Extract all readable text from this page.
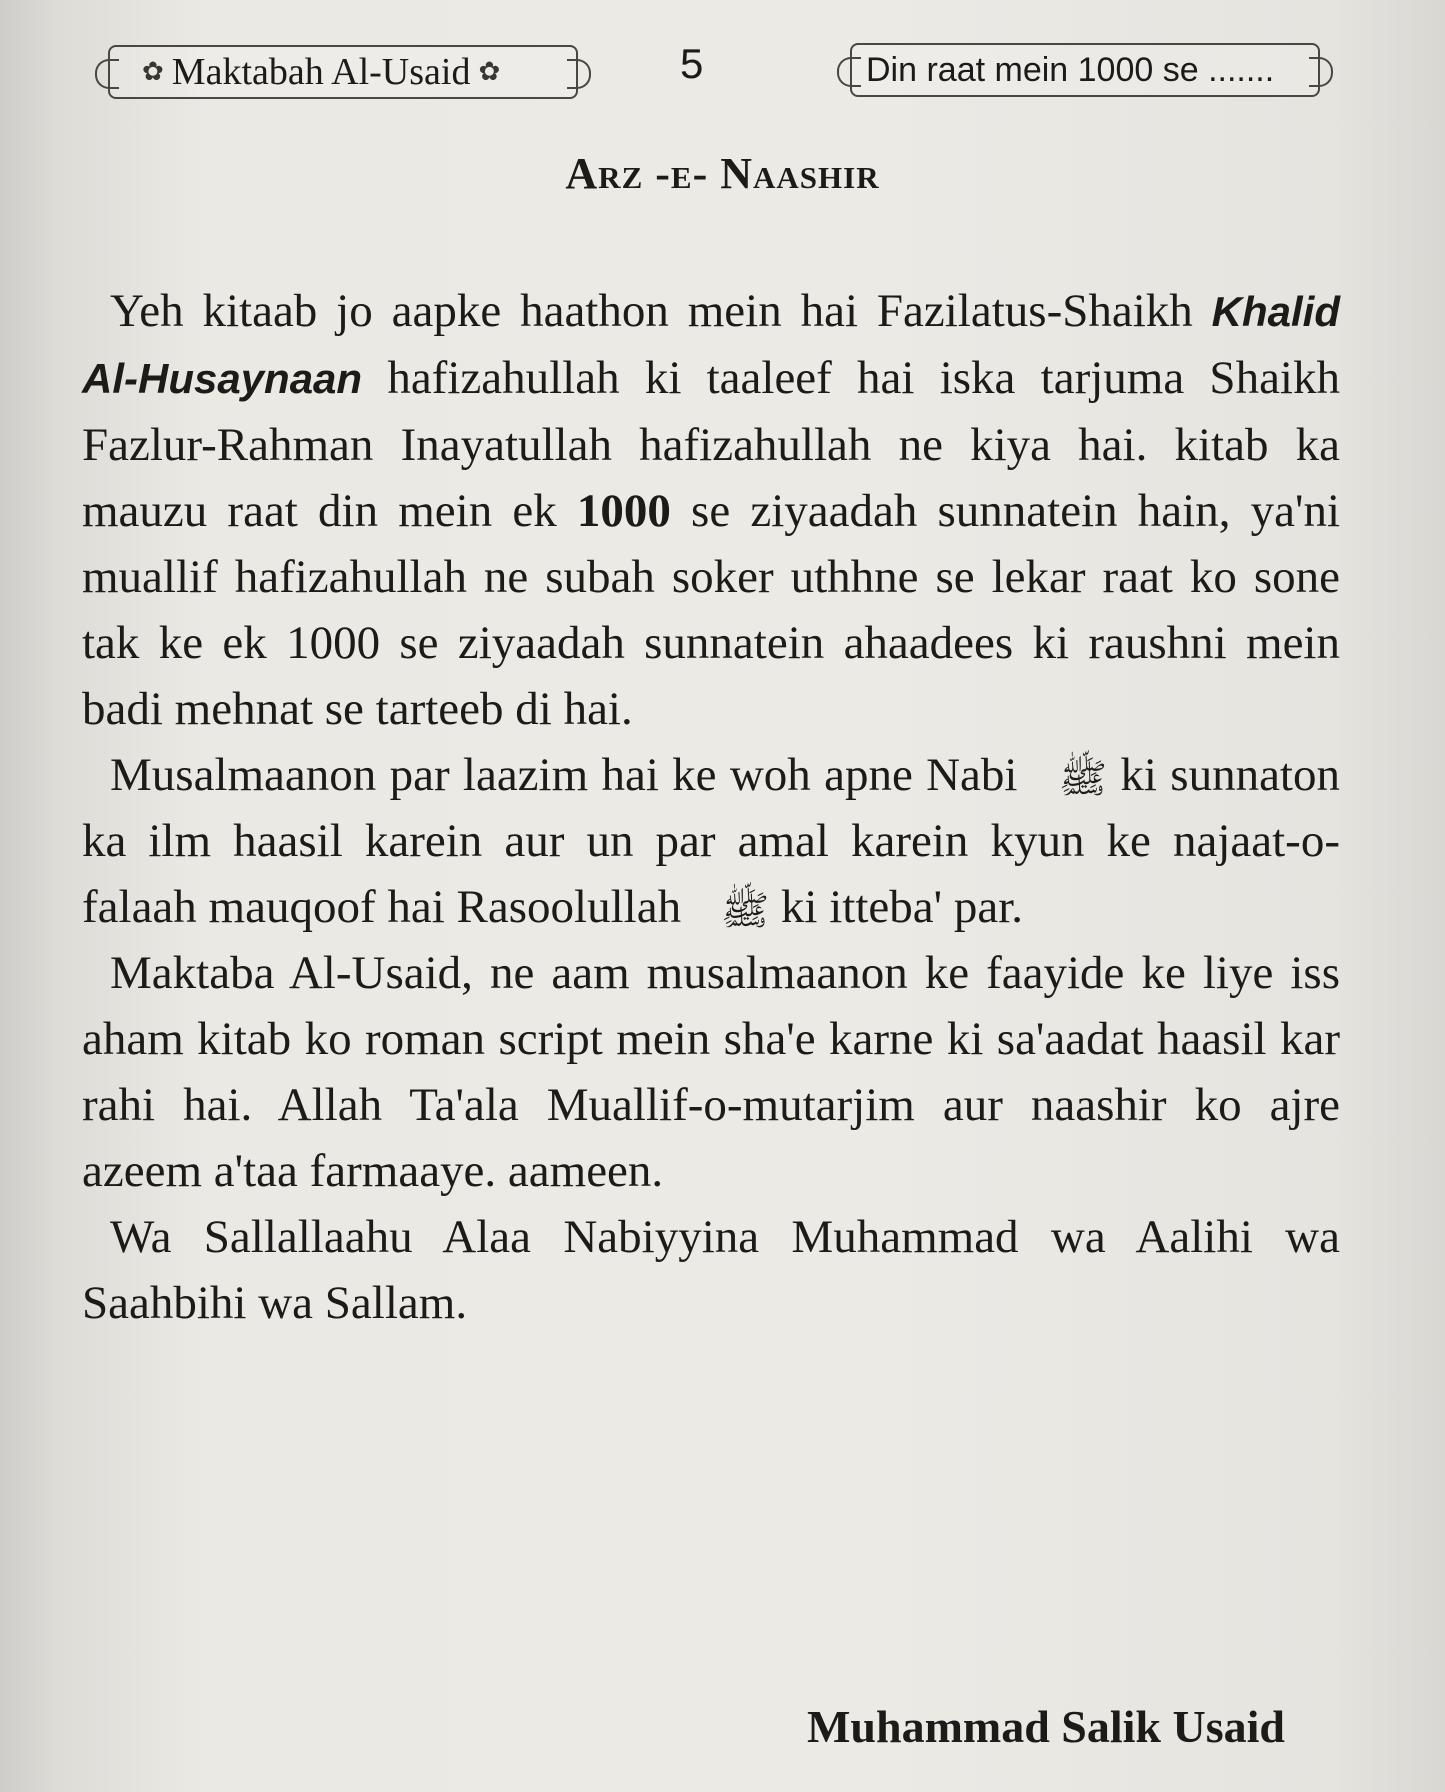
✿ Maktabah Al-Usaid ✿	5	Din raat mein 1000 se .......
Arz -e- Naashir

Yeh kitaab jo aapke haathon mein hai Fazilatus-Shaikh Khalid Al-Husaynaan hafizahullah ki taaleef hai iska tarjuma Shaikh Fazlur-Rahman Inayatullah hafizahullah ne kiya hai. kitab ka mauzu raat din mein ek 1000 se ziyaadah sunnatein hain, ya'ni muallif hafizahullah ne subah soker uthhne se lekar raat ko sone tak ke ek 1000 se ziyaadah sunnatein ahaadees ki raushni mein badi mehnat se tarteeb di hai.

Musalmaanon par laazim hai ke woh apne Nabi ﷺ ki sunnaton ka ilm haasil karein aur un par amal karein kyun ke najaat-o-falaah mauqoof hai Rasoolullah ﷺ ki itteba' par.

Maktaba Al-Usaid, ne aam musalmaanon ke faayide ke liye iss aham kitab ko roman script mein sha'e karne ki sa'aadat haasil kar rahi hai. Allah Ta'ala Muallif-o-mutarjim aur naashir ko ajre azeem a'taa farmaaye. aameen.

Wa Sallallaahu Alaa Nabiyyina Muhammad wa Aalihi wa Saahbihi wa Sallam.

Muhammad Salik Usaid
